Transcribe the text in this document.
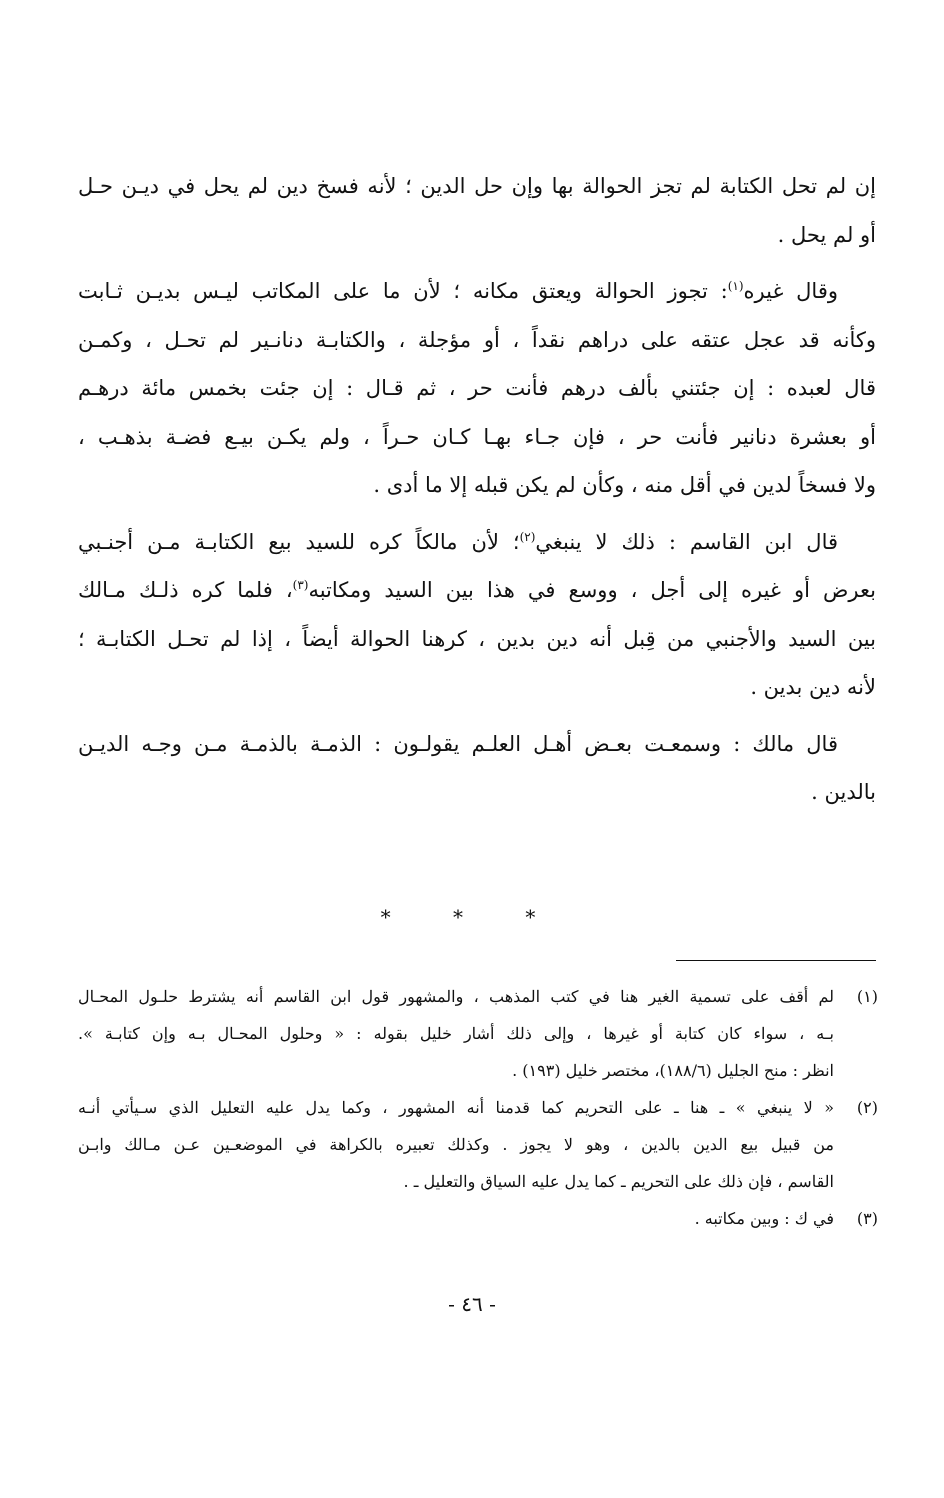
إن لم تحل الكتابة لم تجز الحوالة بها وإن حل الدين ؛ لأنه فسخ دين لم يحل في ديـن حـل
أو لم يحل .
وقال غيره$^{(١)}$: تجوز الحوالة ويعتق مكانه ؛ لأن ما على المكاتب ليـس بديـن ثـابت
وكأنه قد عجل عتقه على دراهم نقداً ، أو مؤجلة ، والكتابـة دنانـير لم تحـل ، وكمـن
قال لعبده : إن جئتني بألف درهم فأنت حر ، ثم قـال : إن جئت بخمس مائة درهـم
أو بعشرة دنانير فأنت حر ، فإن جـاء بهـا كـان حـراً ، ولم يكـن بيـع فضـة بذهـب ،
ولا فسخاً لدين في أقل منه ، وكأن لم يكن قبله إلا ما أدى .
قال ابن القاسم : ذلك لا ينبغي$^{(٢)}$؛ لأن مالكاً كره للسيد بيع الكتابـة مـن أجنـبي
بعرض أو غيره إلى أجل ، ووسع في هذا بين السيد ومكاتبه$^{(٣)}$، فلما كره ذلـك مـالك
بين السيد والأجنبي من قِبل أنه دين بدين ، كرهنا الحوالة أيضاً ، إذا لم تحـل الكتابـة ؛
لأنه دين بدين .
قال مالك : وسمعـت بعـض أهـل العلـم يقولـون : الذمـة بالذمـة مـن وجـه الديـن
بالدين .
* * *
(١)
لم أقف على تسمية الغير هنا في كتب المذهب ، والمشهور قول ابن القاسم أنه يشترط حلـول المحـال
بـه ، سواء كان كتابة أو غيرها ، وإلى ذلك أشار خليل بقوله : « وحلول المحـال بـه وإن كتابـة ».
انظر : منح الجليل (١٨٨/٦)، مختصر خليل (١٩٣) .
(٢)
« لا ينبغي » ـ هنا ـ على التحريم كما قدمنا أنه المشهور ، وكما يدل عليه التعليل الذي سـيأتي أنـه
من قبيل بيع الدين بالدين ، وهو لا يجوز . وكذلك تعبيره بالكراهة في الموضعـين عـن مـالك وابـن
القاسم ، فإن ذلك على التحريم ـ كما يدل عليه السياق والتعليل ـ .
(٣)
في ك : وبين مكاتبه .
- ٤٦ -
